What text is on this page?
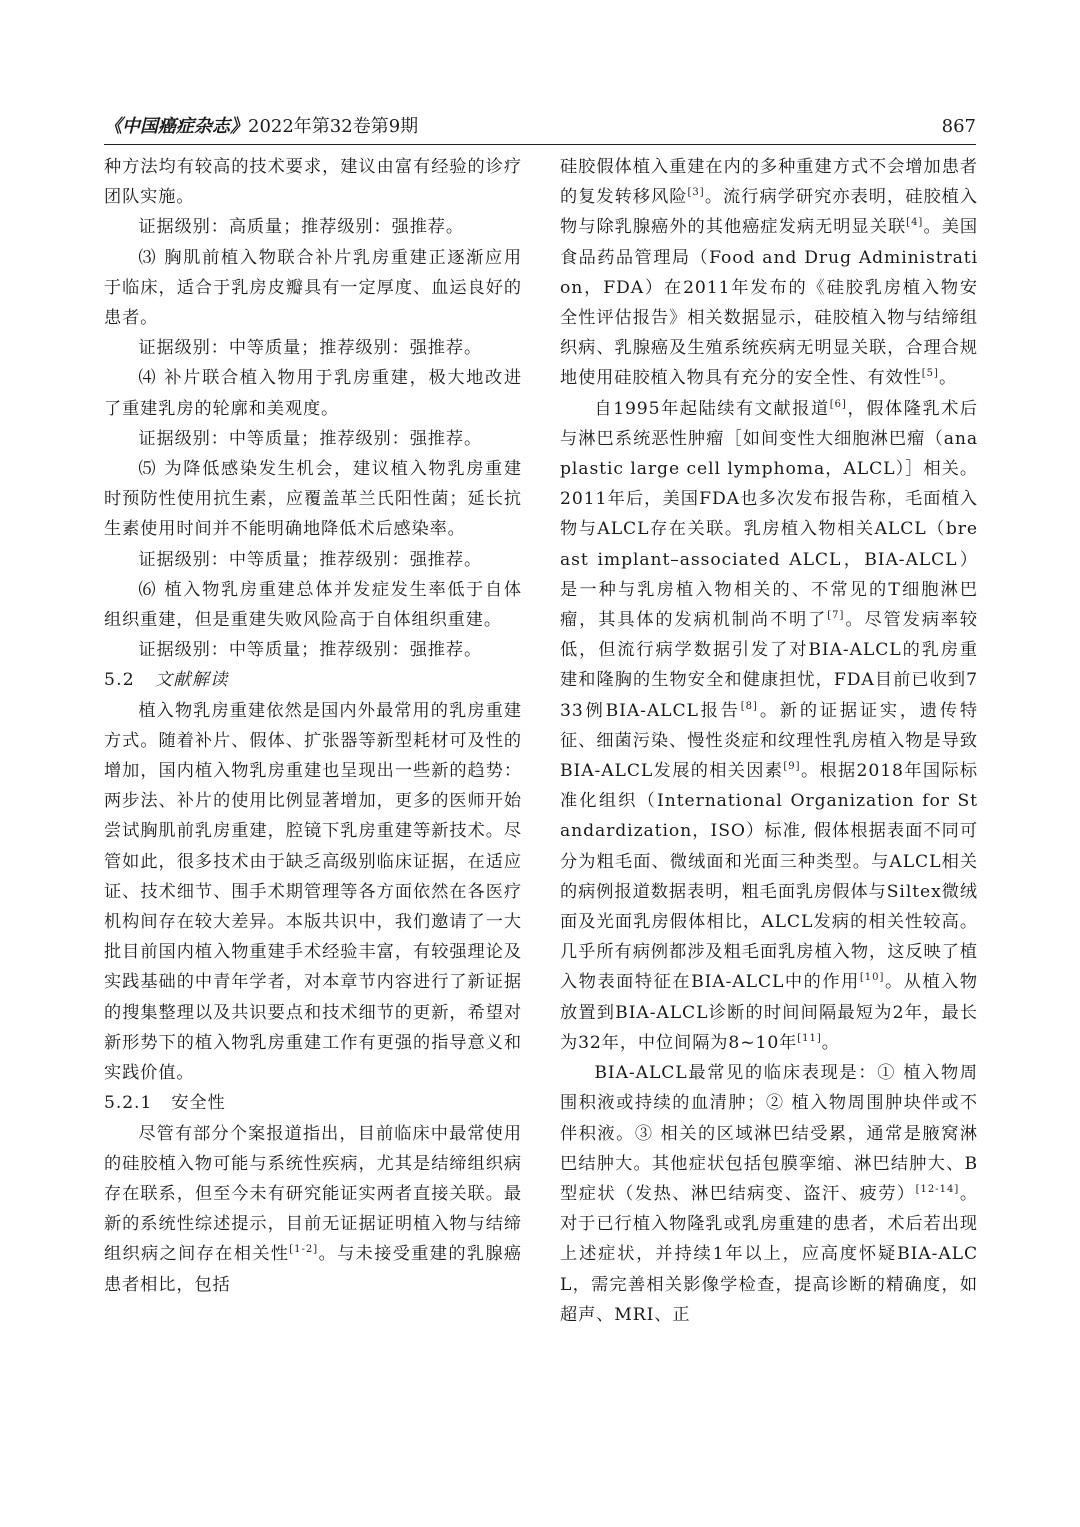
《中国癌症杂志》2022年第32卷第9期	867

种方法均有较高的技术要求，建议由富有经验的诊疗团队实施。

证据级别：高质量；推荐级别：强推荐。

⑶ 胸肌前植入物联合补片乳房重建正逐渐应用于临床，适合于乳房皮瓣具有一定厚度、血运良好的患者。

证据级别：中等质量；推荐级别：强推荐。

⑷ 补片联合植入物用于乳房重建，极大地改进了重建乳房的轮廓和美观度。

证据级别：中等质量；推荐级别：强推荐。

⑸ 为降低感染发生机会，建议植入物乳房重建时预防性使用抗生素，应覆盖革兰氏阳性菌；延长抗生素使用时间并不能明确地降低术后感染率。

证据级别：中等质量；推荐级别：强推荐。

⑹ 植入物乳房重建总体并发症发生率低于自体组织重建，但是重建失败风险高于自体组织重建。

证据级别：中等质量；推荐级别：强推荐。

5.2 文献解读

植入物乳房重建依然是国内外最常用的乳房重建方式。随着补片、假体、扩张器等新型耗材可及性的增加，国内植入物乳房重建也呈现出一些新的趋势：两步法、补片的使用比例显著增加，更多的医师开始尝试胸肌前乳房重建，腔镜下乳房重建等新技术。尽管如此，很多技术由于缺乏高级别临床证据，在适应证、技术细节、围手术期管理等各方面依然在各医疗机构间存在较大差异。本版共识中，我们邀请了一大批目前国内植入物重建手术经验丰富，有较强理论及实践基础的中青年学者，对本章节内容进行了新证据的搜集整理以及共识要点和技术细节的更新，希望对新形势下的植入物乳房重建工作有更强的指导意义和实践价值。

5.2.1 安全性

尽管有部分个案报道指出，目前临床中最常使用的硅胶植入物可能与系统性疾病，尤其是结缔组织病存在联系，但至今未有研究能证实两者直接关联。最新的系统性综述提示，目前无证据证明植入物与结缔组织病之间存在相关性[1-2]。与未接受重建的乳腺癌患者相比，包括

硅胶假体植入重建在内的多种重建方式不会增加患者的复发转移风险[3]。流行病学研究亦表明，硅胶植入物与除乳腺癌外的其他癌症发病无明显关联[4]。美国食品药品管理局（Food and Drug Administration，FDA）在2011年发布的《硅胶乳房植入物安全性评估报告》相关数据显示，硅胶植入物与结缔组织病、乳腺癌及生殖系统疾病无明显关联，合理合规地使用硅胶植入物具有充分的安全性、有效性[5]。

自1995年起陆续有文献报道[6]，假体隆乳术后与淋巴系统恶性肿瘤［如间变性大细胞淋巴瘤（anaplastic large cell lymphoma，ALCL）］相关。2011年后，美国FDA也多次发布报告称，毛面植入物与ALCL存在关联。乳房植入物相关ALCL（breast implant–associated ALCL，BIA-ALCL）是一种与乳房植入物相关的、不常见的T细胞淋巴瘤，其具体的发病机制尚不明了[7]。尽管发病率较低，但流行病学数据引发了对BIA-ALCL的乳房重建和隆胸的生物安全和健康担忧，FDA目前已收到733例BIA-ALCL报告[8]。新的证据证实，遗传特征、细菌污染、慢性炎症和纹理性乳房植入物是导致BIA-ALCL发展的相关因素[9]。根据2018年国际标准化组织（International Organization for Standardization，ISO）标准, 假体根据表面不同可分为粗毛面、微绒面和光面三种类型。与ALCL相关的病例报道数据表明，粗毛面乳房假体与Siltex微绒面及光面乳房假体相比，ALCL发病的相关性较高。几乎所有病例都涉及粗毛面乳房植入物，这反映了植入物表面特征在BIA-ALCL中的作用[10]。从植入物放置到BIA-ALCL诊断的时间间隔最短为2年，最长为32年，中位间隔为8~10年[11]。

BIA-ALCL最常见的临床表现是：① 植入物周围积液或持续的血清肿；② 植入物周围肿块伴或不伴积液。③ 相关的区域淋巴结受累，通常是腋窝淋巴结肿大。其他症状包括包膜挛缩、淋巴结肿大、B型症状（发热、淋巴结病变、盗汗、疲劳）[12-14]。对于已行植入物隆乳或乳房重建的患者，术后若出现上述症状，并持续1年以上，应高度怀疑BIA-ALCL，需完善相关影像学检查，提高诊断的精确度，如超声、MRI、正
